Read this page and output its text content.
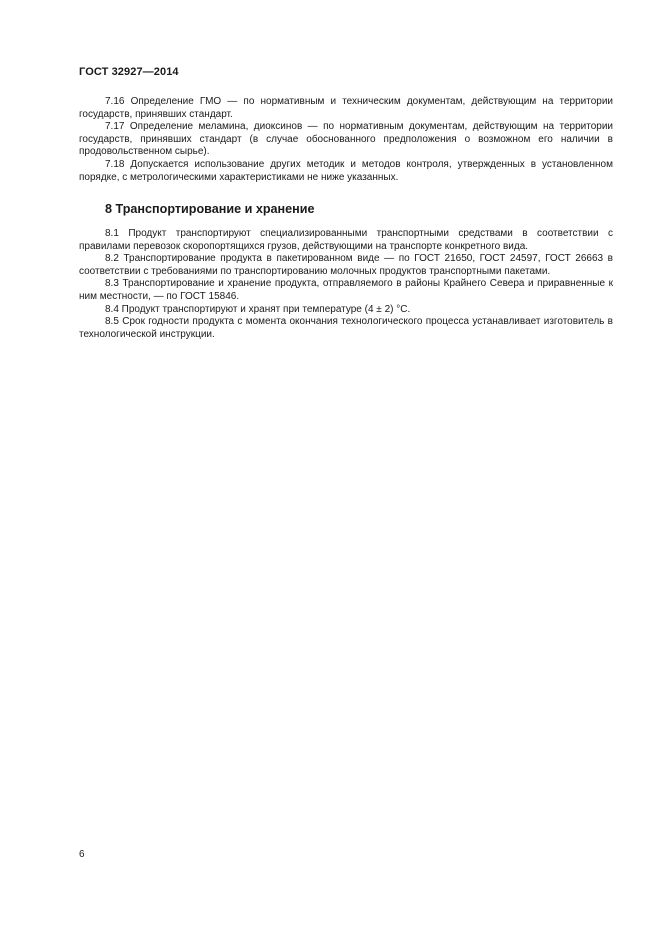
ГОСТ 32927—2014

7.16 Определение ГМО — по нормативным и техническим документам, действующим на территории государств, принявших стандарт.

7.17 Определение меламина, диоксинов — по нормативным документам, действующим на территории государств, принявших стандарт (в случае обоснованного предположения о возможном его наличии в продовольственном сырье).

7.18 Допускается использование других методик и методов контроля, утвержденных в установленном порядке, с метрологическими характеристиками не ниже указанных.

8 Транспортирование и хранение

8.1 Продукт транспортируют специализированными транспортными средствами в соответствии с правилами перевозок скоропортящихся грузов, действующими на транспорте конкретного вида.

8.2 Транспортирование продукта в пакетированном виде — по ГОСТ 21650, ГОСТ 24597, ГОСТ 26663 в соответствии с требованиями по транспортированию молочных продуктов транспортными пакетами.

8.3 Транспортирование и хранение продукта, отправляемого в районы Крайнего Севера и приравненные к ним местности, — по ГОСТ 15846.

8.4 Продукт транспортируют и хранят при температуре (4 ± 2) °С.

8.5 Срок годности продукта с момента окончания технологического процесса устанавливает изготовитель в технологической инструкции.

6
